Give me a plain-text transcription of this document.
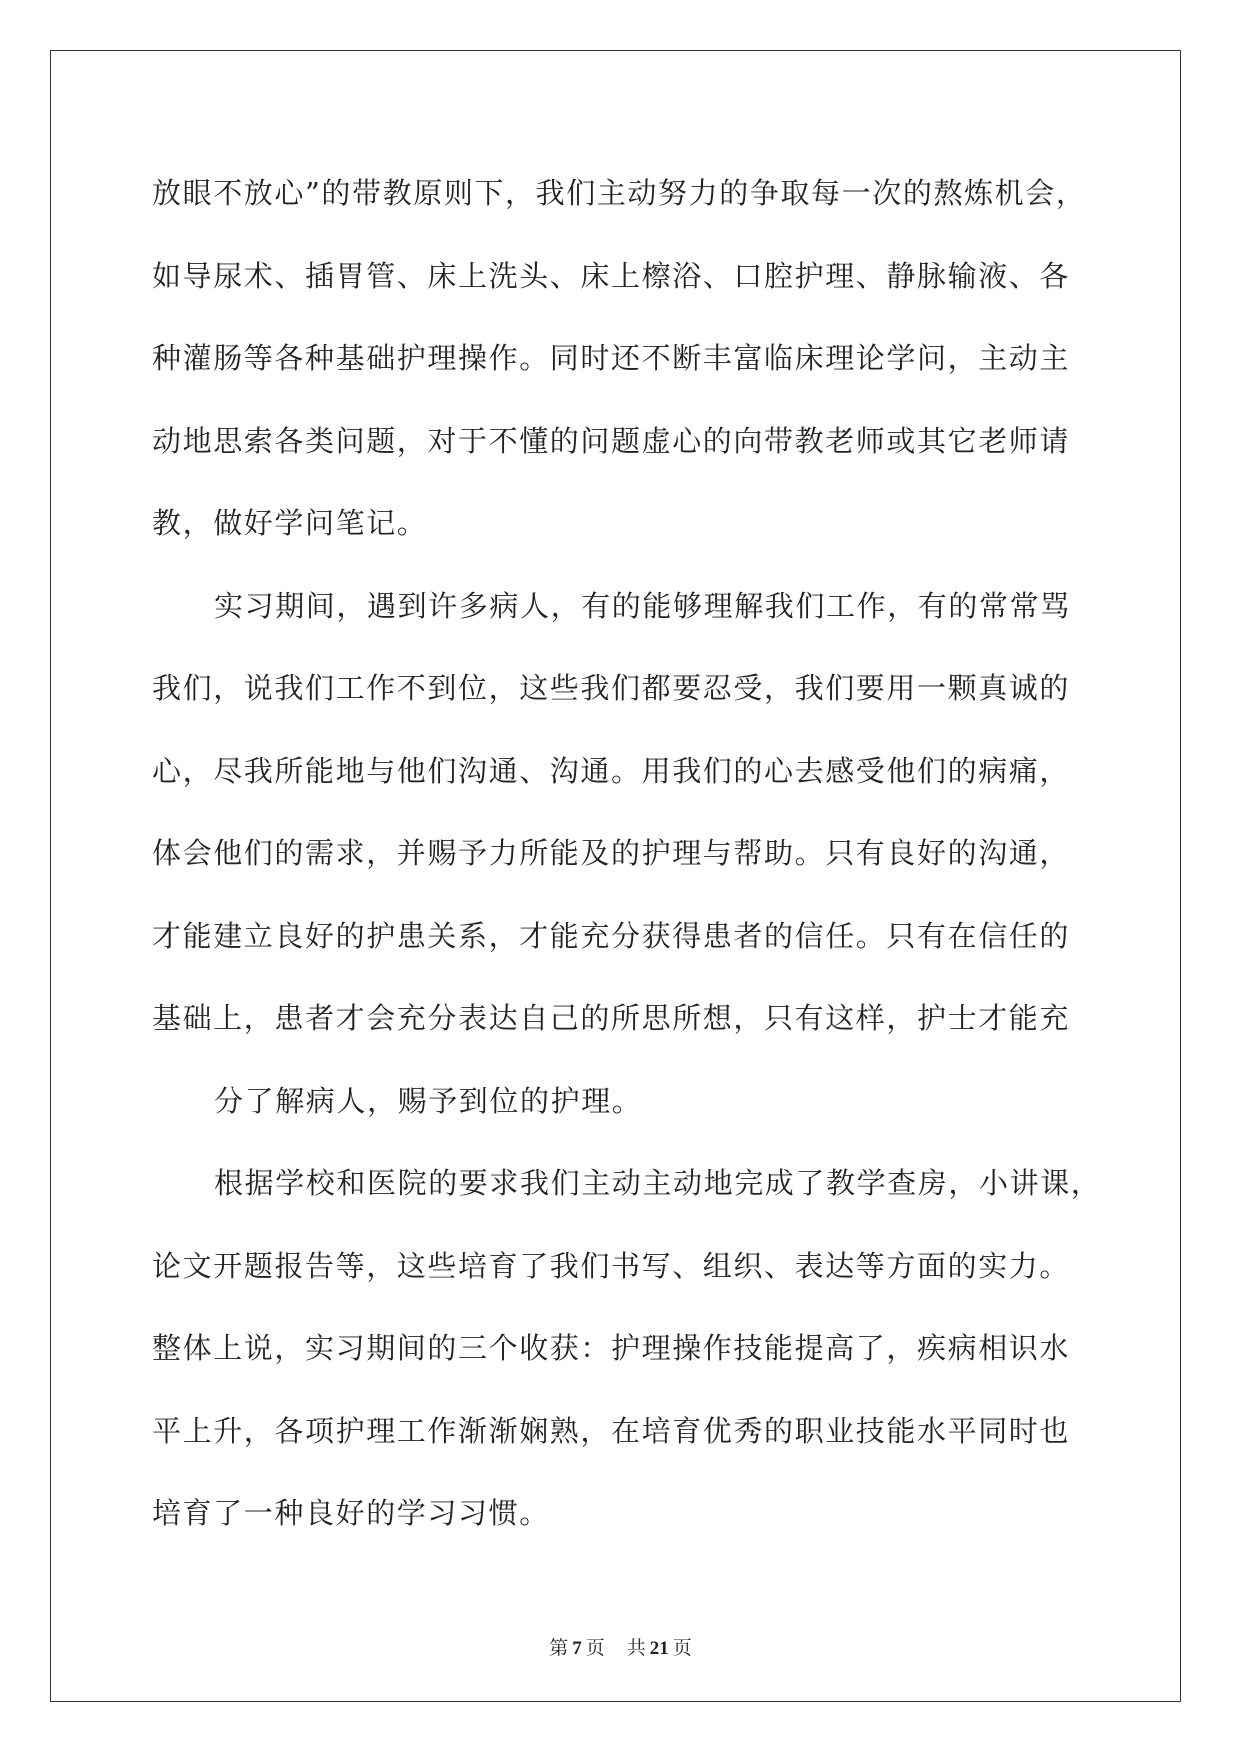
放眼不放心”的带教原则下，我们主动努力的争取每一次的熬炼机会，
如导尿术、插胃管、床上洗头、床上檫浴、口腔护理、静脉输液、各
种灌肠等各种基础护理操作。同时还不断丰富临床理论学问，主动主
动地思索各类问题，对于不懂的问题虚心的向带教老师或其它老师请
教，做好学问笔记。
实习期间，遇到许多病人，有的能够理解我们工作，有的常常骂
我们，说我们工作不到位，这些我们都要忍受，我们要用一颗真诚的
心，尽我所能地与他们沟通、沟通。用我们的心去感受他们的病痛，
体会他们的需求，并赐予力所能及的护理与帮助。只有良好的沟通，
才能建立良好的护患关系，才能充分获得患者的信任。只有在信任的
基础上，患者才会充分表达自己的所思所想，只有这样，护士才能充
分了解病人，赐予到位的护理。
根据学校和医院的要求我们主动主动地完成了教学查房，小讲课，
论文开题报告等，这些培育了我们书写、组织、表达等方面的实力。
整体上说，实习期间的三个收获：护理操作技能提高了，疾病相识水
平上升，各项护理工作渐渐娴熟，在培育优秀的职业技能水平同时也
培育了一种良好的学习习惯。
第 7 页 共 21 页
